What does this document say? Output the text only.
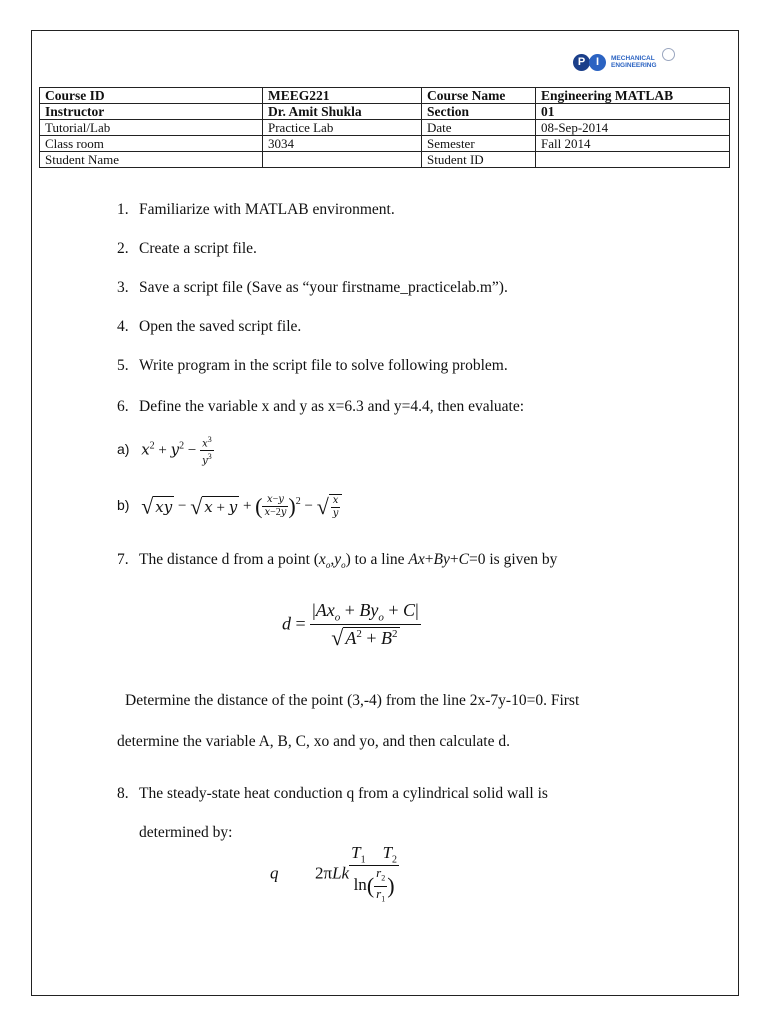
P I	MECHANICAL
ENGINEERING
Course ID	MEEG221	Course Name	Engineering MATLAB
Instructor	Dr. Amit Shukla	Section	01
Tutorial/Lab	Practice Lab	Date	08-Sep-2014
Class room	3034	Semester	Fall 2014
Student Name		Student ID	
1. Familiarize with MATLAB environment.
2. Create a script file.
3. Save a script file (Save as “your firstname_practicelab.m”).
4. Open the saved script file.
5. Write program in the script file to solve following problem.
6. Define the variable x and y as x=6.3 and y=4.4, then evaluate:
a) $x^2 + y^2 - \frac{x^3}{y^3}$
b) √ xy − √ x + y + ( $\frac{x-y}{x-2y} )^2$ − √ $\frac{x}{y}$
7. The distance d from a point $(x_o,y_o)$ to a line Ax+By+C=0 is given by
$d = \frac{|Ax_o + By_o + C|}{√ A^2 + B^2}$
Determine the distance of the point (3,-4) from the line 2x-7y-10=0. First
determine the variable A, B, C, xo and yo, and then calculate d.
8. The steady-state heat conduction q from a cylindrical solid wall is
determined by:
q  $2\pi Lk \frac{T_1 T_2}{\ln( \frac{r_2}{r_1} )}$
